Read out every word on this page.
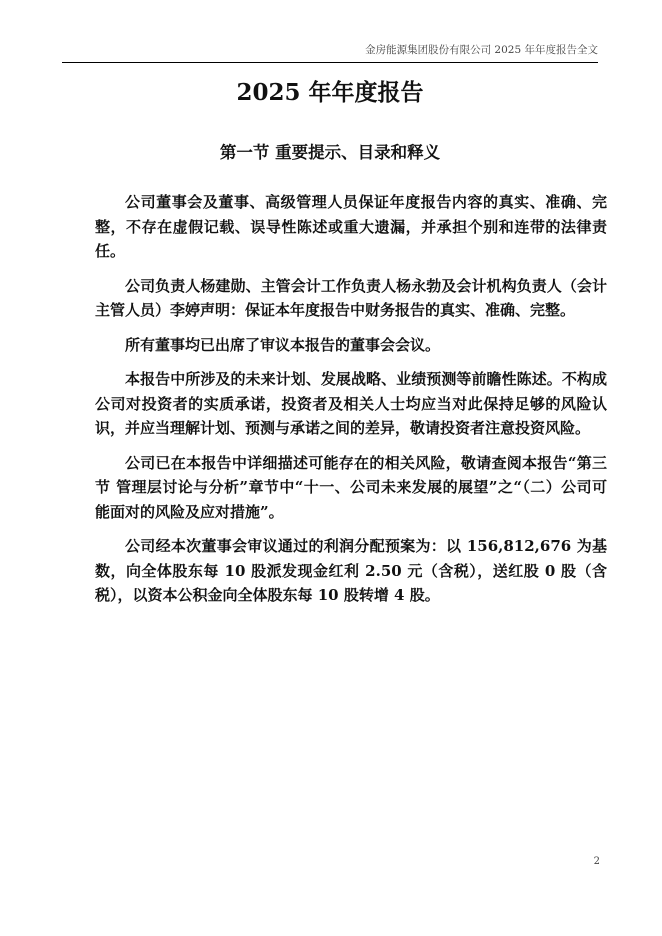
金房能源集团股份有限公司 2025 年年度报告全文
2025 年年度报告
第一节 重要提示、目录和释义

公司董事会及董事、高级管理人员保证年度报告内容的真实、准确、完整，不存在虚假记载、误导性陈述或重大遗漏，并承担个别和连带的法律责任。

公司负责人杨建勋、主管会计工作负责人杨永勃及会计机构负责人（会计主管人员）李婷声明：保证本年度报告中财务报告的真实、准确、完整。

所有董事均已出席了审议本报告的董事会会议。

本报告中所涉及的未来计划、发展战略、业绩预测等前瞻性陈述。不构成公司对投资者的实质承诺，投资者及相关人士均应当对此保持足够的风险认识，并应当理解计划、预测与承诺之间的差异，敬请投资者注意投资风险。

公司已在本报告中详细描述可能存在的相关风险，敬请查阅本报告“第三节 管理层讨论与分析”章节中“十一、公司未来发展的展望”之“（二）公司可能面对的风险及应对措施”。

公司经本次董事会审议通过的利润分配预案为：以 156,812,676 为基数，向全体股东每 10 股派发现金红利 2.50 元（含税），送红股 0 股（含税），以资本公积金向全体股东每 10 股转增 4 股。

2
